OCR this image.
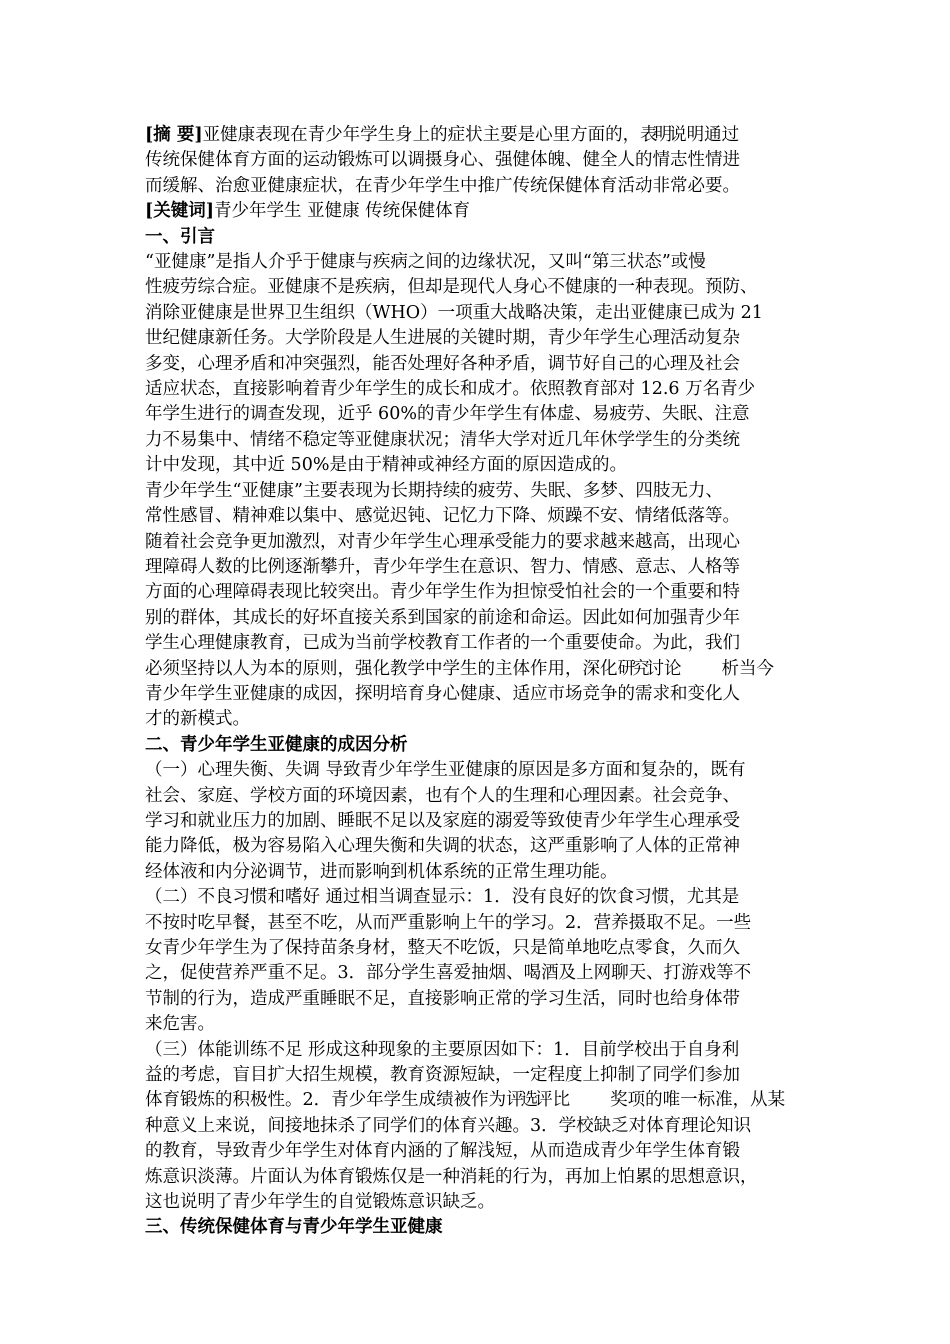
[摘 要]亚健康表现在青少年学生身上的症状主要是心里方面的，表明说明通过
传统保健体育方面的运动锻炼可以调摄身心、强健体魄、健全人的情志性情进
而缓解、治愈亚健康症状，在青少年学生中推广传统保健体育活动非常必要。
[关键词]青少年学生 亚健康 传统保健体育
一、引言
“亚健康”是指人介乎于健康与疾病之间的边缘状况，又叫“第三状态”或慢
性疲劳综合症。亚健康不是疾病，但却是现代人身心不健康的一种表现。预防、
消除亚健康是世界卫生组织（WHO）一项重大战略决策，走出亚健康已成为 21
世纪健康新任务。大学阶段是人生进展的关键时期，青少年学生心理活动复杂
多变，心理矛盾和冲突强烈，能否处理好各种矛盾，调节好自己的心理及社会
适应状态，直接影响着青少年学生的成长和成才。依照教育部对 12.6 万名青少
年学生进行的调查发现，近乎 60%的青少年学生有体虚、易疲劳、失眠、注意
力不易集中、情绪不稳定等亚健康状况；清华大学对近几年休学学生的分类统
计中发现，其中近 50%是由于精神或神经方面的原因造成的。
青少年学生“亚健康”主要表现为长期持续的疲劳、失眠、多梦、四肢无力、
常性感冒、精神难以集中、感觉迟钝、记忆力下降、烦躁不安、情绪低落等。
随着社会竞争更加激烈，对青少年学生心理承受能力的要求越来越高，出现心
理障碍人数的比例逐渐攀升，青少年学生在意识、智力、情感、意志、人格等
方面的心理障碍表现比较突出。青少年学生作为担惊受怕社会的一个重要和特
别的群体，其成长的好坏直接关系到国家的前途和命运。因此如何加强青少年
学生心理健康教育，已成为当前学校教育工作者的一个重要使命。为此，我们
必须坚持以人为本的原则，强化教学中学生的主体作用，深化研究讨论 析当今
青少年学生亚健康的成因，探明培育身心健康、适应市场竞争的需求和变化人
才的新模式。
二、青少年学生亚健康的成因分析
（一）心理失衡、失调 导致青少年学生亚健康的原因是多方面和复杂的，既有
社会、家庭、学校方面的环境因素，也有个人的生理和心理因素。社会竞争、
学习和就业压力的加剧、睡眠不足以及家庭的溺爱等致使青少年学生心理承受
能力降低，极为容易陷入心理失衡和失调的状态，这严重影响了人体的正常神
经体液和内分泌调节，进而影响到机体系统的正常生理功能。
（二）不良习惯和嗜好 通过相当调查显示：1．没有良好的饮食习惯，尤其是
不按时吃早餐，甚至不吃，从而严重影响上午的学习。2．营养摄取不足。一些
女青少年学生为了保持苗条身材，整天不吃饭，只是简单地吃点零食，久而久
之，促使营养严重不足。3．部分学生喜爱抽烟、喝酒及上网聊天、打游戏等不
节制的行为，造成严重睡眠不足，直接影响正常的学习生活，同时也给身体带
来危害。
（三）体能训练不足 形成这种现象的主要原因如下：1．目前学校出于自身利
益的考虑，盲目扩大招生规模，教育资源短缺，一定程度上抑制了同学们参加
体育锻炼的积极性。2．青少年学生成绩被作为评选评比 奖项的唯一标准，从某
种意义上来说，间接地抹杀了同学们的体育兴趣。3．学校缺乏对体育理论知识
的教育，导致青少年学生对体育内涵的了解浅短，从而造成青少年学生体育锻
炼意识淡薄。片面认为体育锻炼仅是一种消耗的行为，再加上怕累的思想意识，
这也说明了青少年学生的自觉锻炼意识缺乏。
三、传统保健体育与青少年学生亚健康
